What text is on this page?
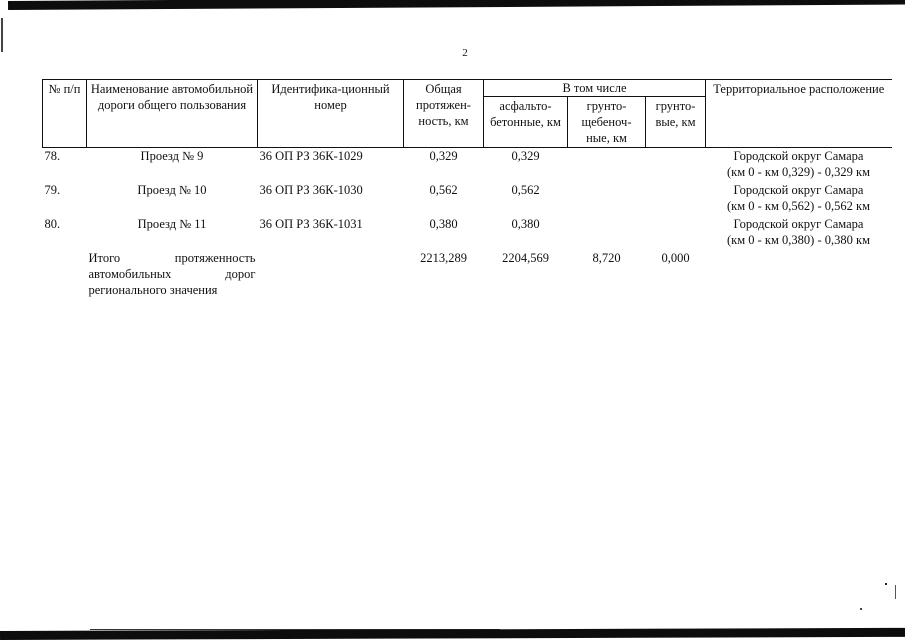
2
№ п/п	Наименование автомобильной дороги общего пользования	Идентифика-ционный номер	Общая протяжен-ность, км	В том числе			Территориальное расположение
				асфальто-бетонные, км	грунто-щебеноч-ные, км	грунто-вые, км	
78.	Проезд № 9	36 ОП РЗ 36К-1029	0,329	0,329			Городской округ Самара
(км 0 - км 0,329) - 0,329 км

79.	Проезд № 10	36 ОП РЗ 36К-1030	0,562	0,562			Городской округ Самара
(км 0 - км 0,562) - 0,562 км

80.	Проезд № 11	36 ОП РЗ 36К-1031	0,380	0,380			Городской округ Самара
(км 0 - км 0,380) - 0,380 км

	Итого протяженность
автомобильных дорог
регионального значения		2213,289	2204,569	8,720	0,000	
